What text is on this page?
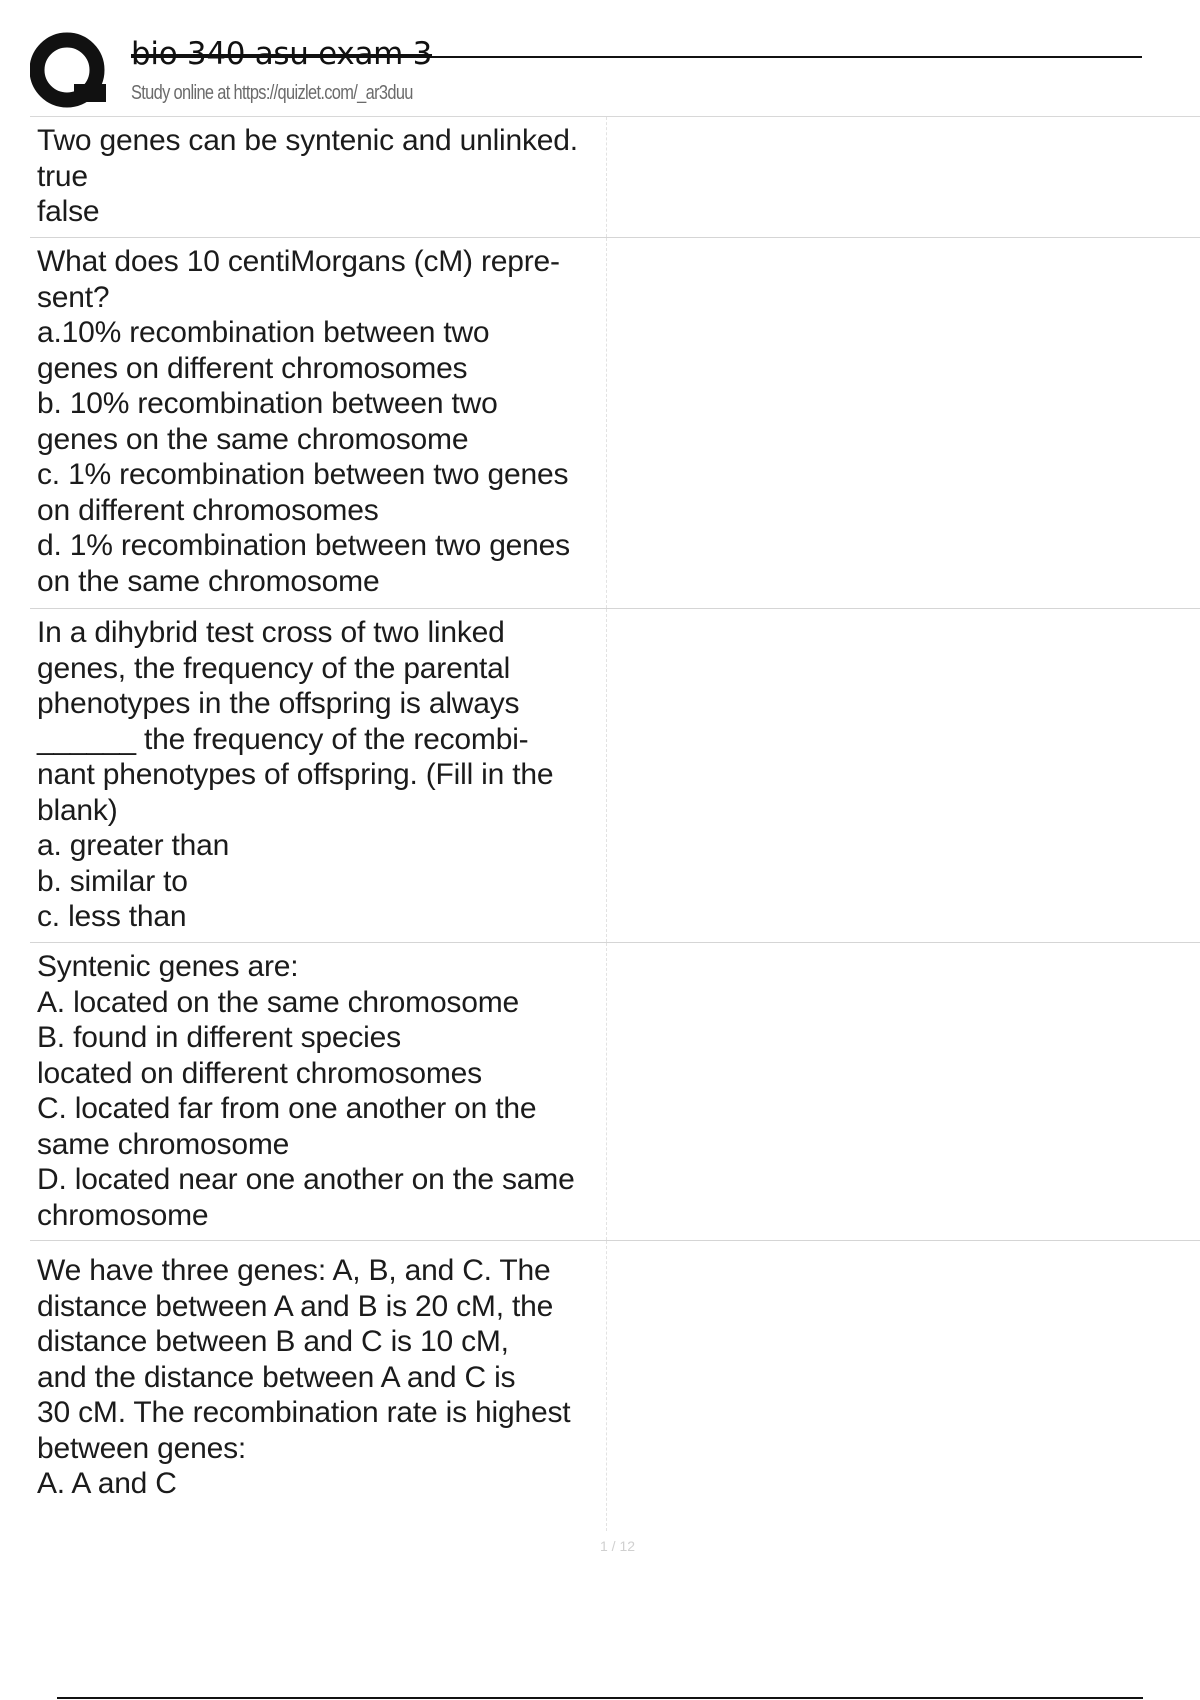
bio 340 asu exam 3
Study online at https://quizlet.com/_ar3duu
Two genes can be syntenic and unlinked.
true
false
What does 10 centiMorgans (cM) repre-
sent?
a.10% recombination between two
genes on different chromosomes
b. 10% recombination between two
genes on the same chromosome
c. 1% recombination between two genes
on different chromosomes
d. 1% recombination between two genes
on the same chromosome
In a dihybrid test cross of two linked
genes, the frequency of the parental
phenotypes in the offspring is always
______ the frequency of the recombi-
nant phenotypes of offspring. (Fill in the
blank)
a. greater than
b. similar to
c. less than
Syntenic genes are:
A. located on the same chromosome
B. found in different species
located on different chromosomes
C. located far from one another on the
same chromosome
D. located near one another on the same
chromosome
We have three genes: A, B, and C. The
distance between A and B is 20 cM, the
distance between B and C is 10 cM,
and the distance between A and C is
30 cM. The recombination rate is highest
between genes:
A. A and C
1 / 12
